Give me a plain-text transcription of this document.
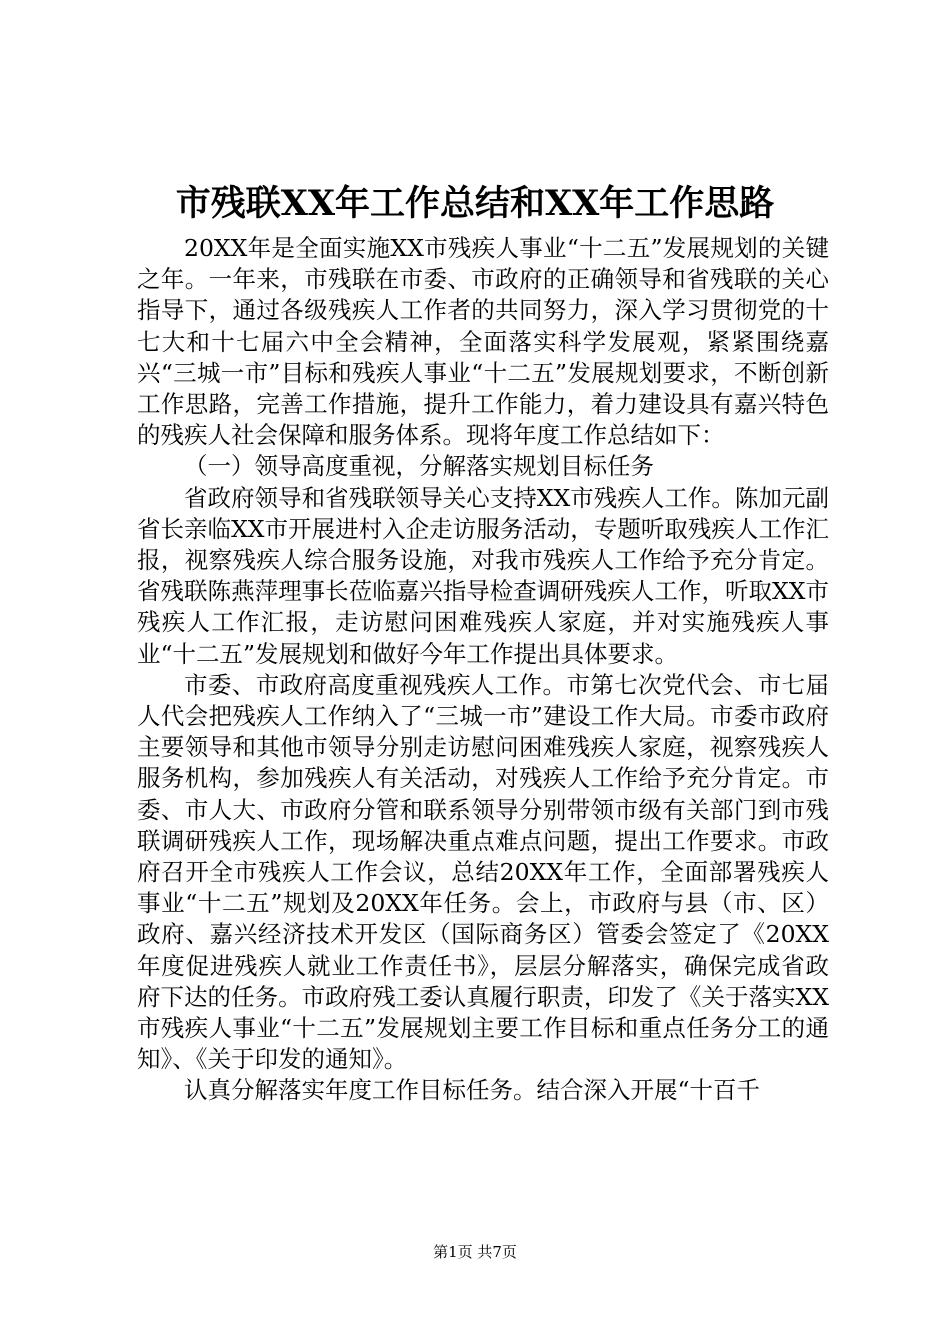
市残联XX年工作总结和XX年工作思路

20XX年是全面实施XX市残疾人事业“十二五”发展规划的关键之年。一年来，市残联在市委、市政府的正确领导和省残联的关心指导下，通过各级残疾人工作者的共同努力，深入学习贯彻党的十七大和十七届六中全会精神，全面落实科学发展观，紧紧围绕嘉兴“三城一市”目标和残疾人事业“十二五”发展规划要求，不断创新工作思路，完善工作措施，提升工作能力，着力建设具有嘉兴特色的残疾人社会保障和服务体系。现将年度工作总结如下：

（一）领导高度重视，分解落实规划目标任务

省政府领导和省残联领导关心支持XX市残疾人工作。陈加元副省长亲临XX市开展进村入企走访服务活动，专题听取残疾人工作汇报，视察残疾人综合服务设施，对我市残疾人工作给予充分肯定。省残联陈燕萍理事长莅临嘉兴指导检查调研残疾人工作，听取XX市残疾人工作汇报，走访慰问困难残疾人家庭，并对实施残疾人事业“十二五”发展规划和做好今年工作提出具体要求。

市委、市政府高度重视残疾人工作。市第七次党代会、市七届人代会把残疾人工作纳入了“三城一市”建设工作大局。市委市政府主要领导和其他市领导分别走访慰问困难残疾人家庭，视察残疾人服务机构，参加残疾人有关活动，对残疾人工作给予充分肯定。市委、市人大、市政府分管和联系领导分别带领市级有关部门到市残联调研残疾人工作，现场解决重点难点问题，提出工作要求。市政府召开全市残疾人工作会议，总结20XX年工作，全面部署残疾人事业“十二五”规划及20XX年任务。会上，市政府与县（市、区）政府、嘉兴经济技术开发区（国际商务区）管委会签定了《20XX年度促进残疾人就业工作责任书》，层层分解落实，确保完成省政府下达的任务。市政府残工委认真履行职责，印发了《关于落实XX市残疾人事业“十二五”发展规划主要工作目标和重点任务分工的通知》、《关于印发的通知》。

认真分解落实年度工作目标任务。结合深入开展“十百千

第1页 共7页
